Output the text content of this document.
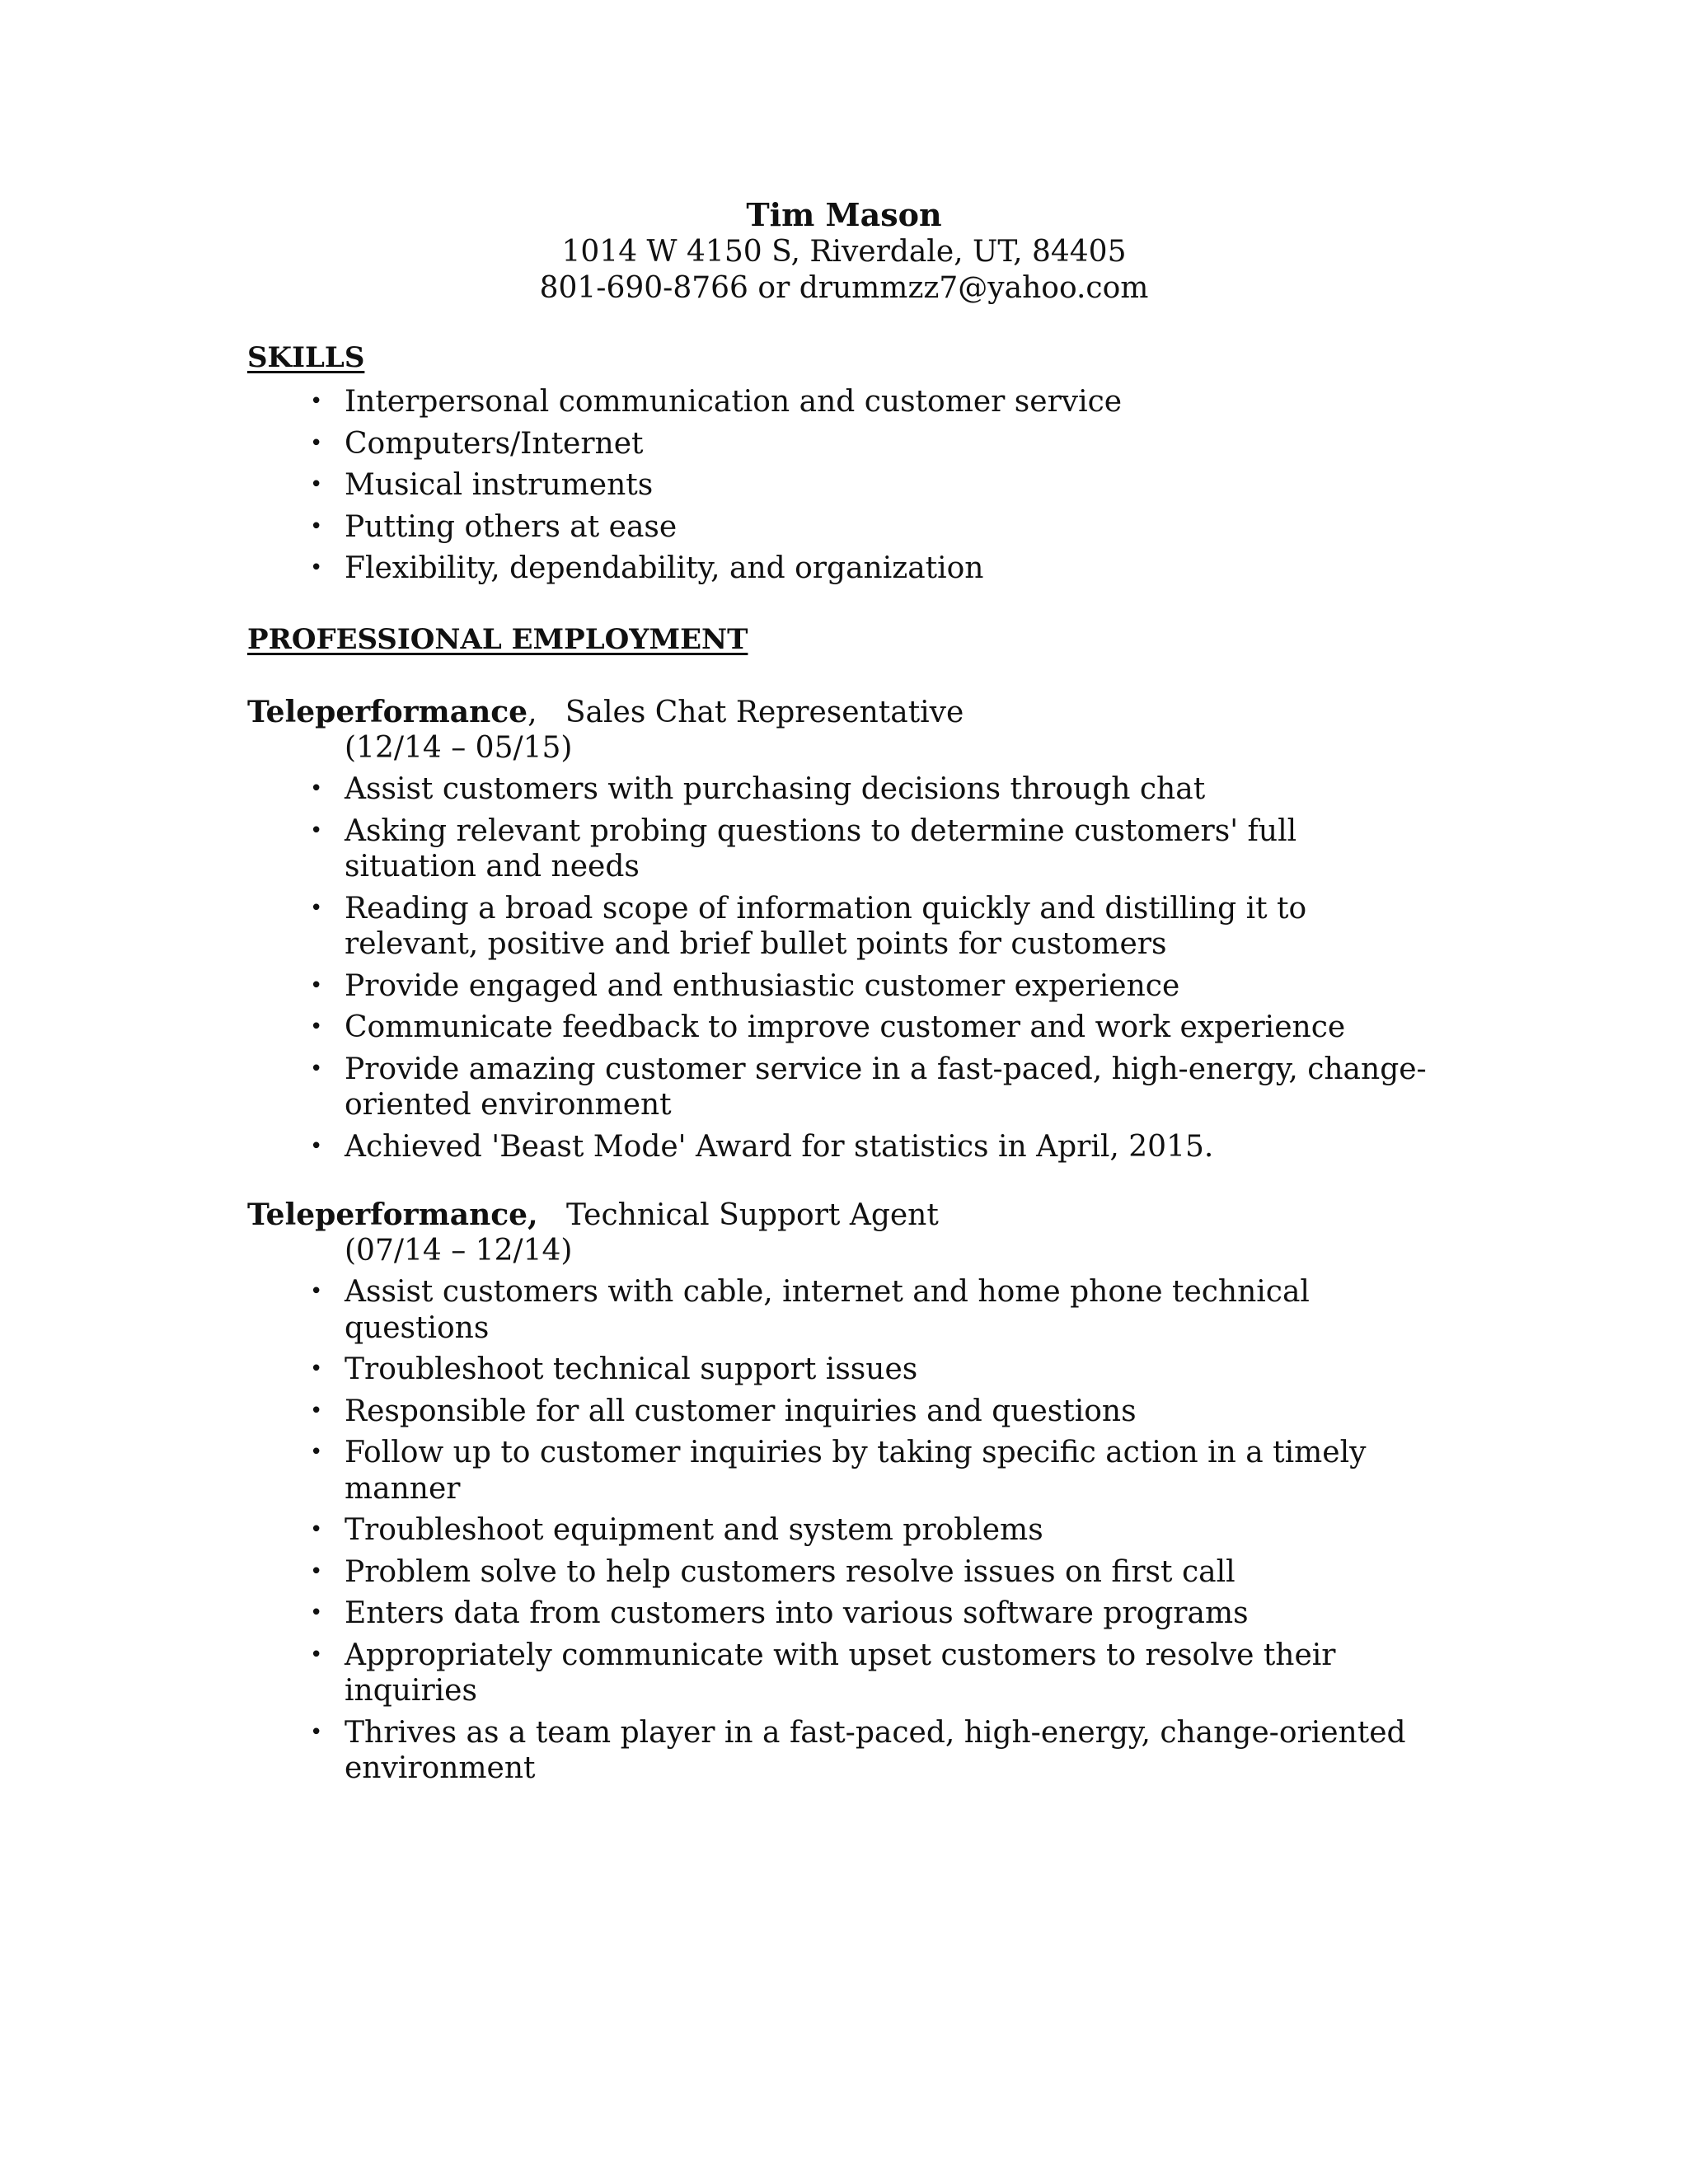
Tim Mason

1014 W 4150 S, Riverdale, UT, 84405

801-690-8766 or drummzz7@yahoo.com

SKILLS

• Interpersonal communication and customer service
• Computers/Internet
• Musical instruments
• Putting others at ease
• Flexibility, dependability, and organization

PROFESSIONAL EMPLOYMENT

Teleperformance, Sales Chat Representative

(12/14 – 05/15)

• Assist customers with purchasing decisions through chat
• Asking relevant probing questions to determine customers' full situation and needs
• Reading a broad scope of information quickly and distilling it to relevant, positive and brief bullet points for customers
• Provide engaged and enthusiastic customer experience
• Communicate feedback to improve customer and work experience
• Provide amazing customer service in a fast-paced, high-energy, change-oriented environment
• Achieved 'Beast Mode' Award for statistics in April, 2015.

Teleperformance, Technical Support Agent

(07/14 – 12/14)

• Assist customers with cable, internet and home phone technical questions
• Troubleshoot technical support issues
• Responsible for all customer inquiries and questions
• Follow up to customer inquiries by taking specific action in a timely manner
• Troubleshoot equipment and system problems
• Problem solve to help customers resolve issues on first call
• Enters data from customers into various software programs
• Appropriately communicate with upset customers to resolve their inquiries
• Thrives as a team player in a fast-paced, high-energy, change-oriented environment
